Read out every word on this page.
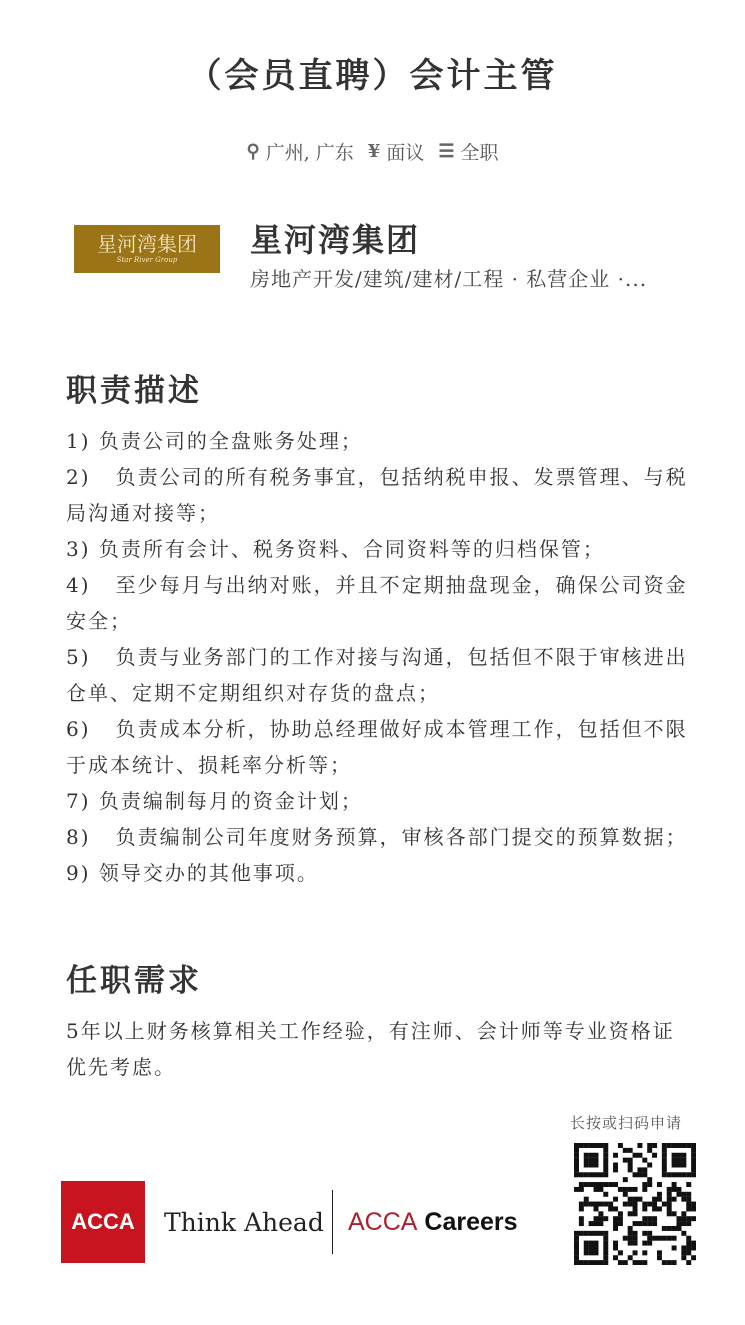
（会员直聘）会计主管
⚲ 广州, 广东 ¥ 面议 ☰ 全职
星河湾集团
Star River Group
星河湾集团
房地产开发/建筑/建材/工程 · 私营企业 ·...
职责描述
1) 负责公司的全盘账务处理；
2)   负责公司的所有税务事宜，包括纳税申报、发票管理、与税局沟通对接等；
3) 负责所有会计、税务资料、合同资料等的归档保管；
4)   至少每月与出纳对账，并且不定期抽盘现金，确保公司资金安全；
5)   负责与业务部门的工作对接与沟通，包括但不限于审核进出仓单、定期不定期组织对存货的盘点；
6)   负责成本分析，协助总经理做好成本管理工作，包括但不限于成本统计、损耗率分析等；
7) 负责编制每月的资金计划；
8)   负责编制公司年度财务预算，审核各部门提交的预算数据；
9) 领导交办的其他事项。
任职需求
5年以上财务核算相关工作经验，有注师、会计师等专业资格证优先考虑。
ACCA	Think Ahead ACCA Careers
长按或扫码申请
